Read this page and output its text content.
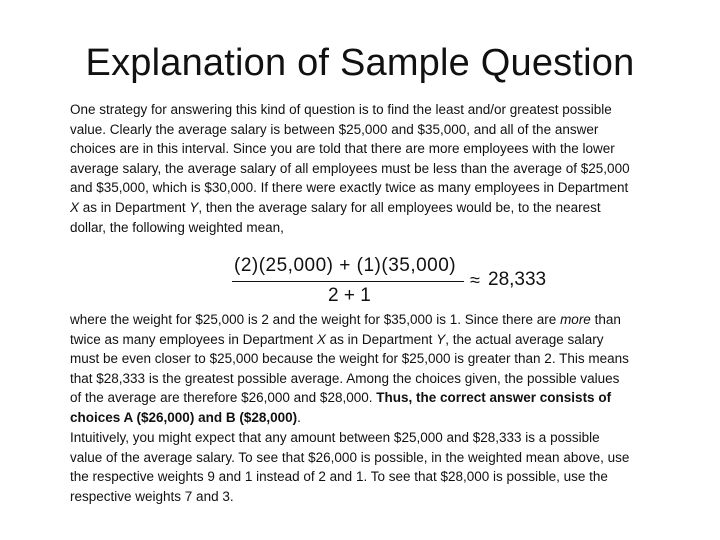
Explanation of Sample Question
One strategy for answering this kind of question is to find the least and/or greatest possible
value. Clearly the average salary is between $25,000 and $35,000, and all of the answer
choices are in this interval. Since you are told that there are more employees with the lower
average salary, the average salary of all employees must be less than the average of $25,000
and $35,000, which is $30,000. If there were exactly twice as many employees in Department
X as in Department Y, then the average salary for all employees would be, to the nearest
dollar, the following weighted mean,
(2)(25,000) + (1)(35,000)
2 + 1
≈ 28,333
where the weight for $25,000 is 2 and the weight for $35,000 is 1. Since there are more than
twice as many employees in Department X as in Department Y, the actual average salary
must be even closer to $25,000 because the weight for $25,000 is greater than 2. This means
that $28,333 is the greatest possible average. Among the choices given, the possible values
of the average are therefore $26,000 and $28,000. Thus, the correct answer consists of
choices A ($26,000) and B ($28,000).
Intuitively, you might expect that any amount between $25,000 and $28,333 is a possible
value of the average salary. To see that $26,000 is possible, in the weighted mean above, use
the respective weights 9 and 1 instead of 2 and 1. To see that $28,000 is possible, use the
respective weights 7 and 3.
